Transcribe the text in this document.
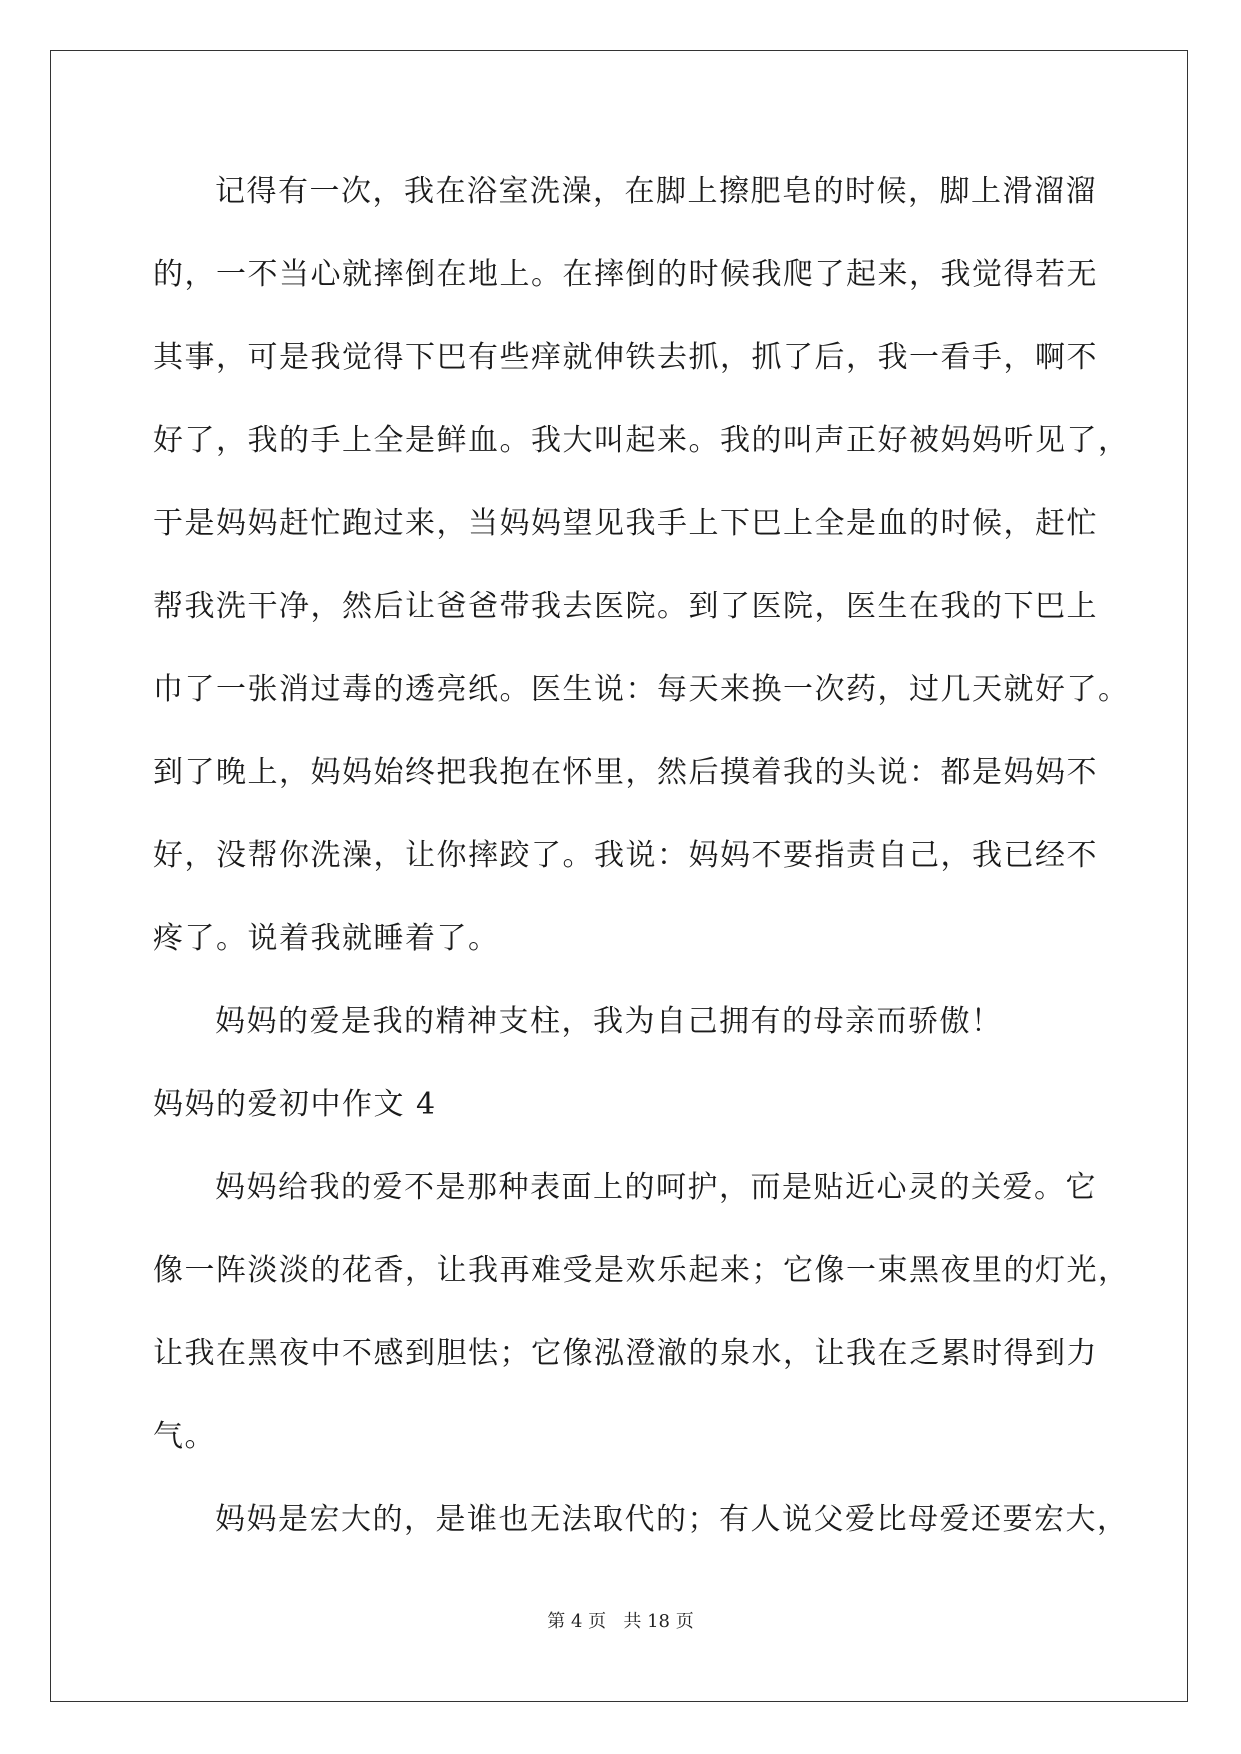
记得有一次，我在浴室洗澡，在脚上擦肥皂的时候，脚上滑溜溜
的，一不当心就摔倒在地上。在摔倒的时候我爬了起来，我觉得若无
其事，可是我觉得下巴有些痒就伸铁去抓，抓了后，我一看手，啊不
好了，我的手上全是鲜血。我大叫起来。我的叫声正好被妈妈听见了，
于是妈妈赶忙跑过来，当妈妈望见我手上下巴上全是血的时候，赶忙
帮我洗干净，然后让爸爸带我去医院。到了医院，医生在我的下巴上
巾了一张消过毒的透亮纸。医生说：每天来换一次药，过几天就好了。
到了晚上，妈妈始终把我抱在怀里，然后摸着我的头说：都是妈妈不
好，没帮你洗澡，让你摔跤了。我说：妈妈不要指责自己，我已经不
疼了。说着我就睡着了。
妈妈的爱是我的精神支柱，我为自己拥有的母亲而骄傲！
妈妈的爱初中作文 4
妈妈给我的爱不是那种表面上的呵护，而是贴近心灵的关爱。它
像一阵淡淡的花香，让我再难受是欢乐起来；它像一束黑夜里的灯光，
让我在黑夜中不感到胆怯；它像泓澄澈的泉水，让我在乏累时得到力
气。
妈妈是宏大的，是谁也无法取代的；有人说父爱比母爱还要宏大，
第 4 页 共 18 页
